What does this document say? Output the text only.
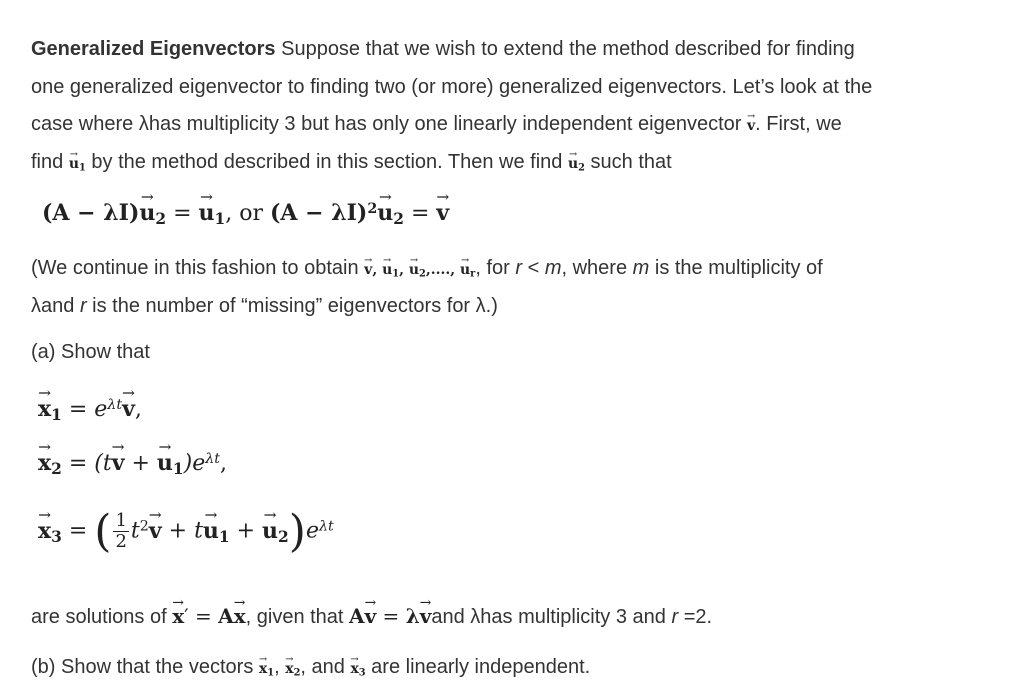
Generalized Eigenvectors Suppose that we wish to extend the method described for finding
one generalized eigenvector to finding two (or more) generalized eigenvectors. Let’s look at the
case where λhas multiplicity 3 but has only one linearly independent eigenvector → v. First, we
find → $u_1$ by the method described in this section. Then we find → $u_2$ such that
$(A - \lambda I)\to u_2$ = → $u_1$, or $(A - \lambda I)^2\to u_2$ = → v
(We continue in this fashion to obtain → v, → $u_1$, → $u_2$,...., → $u_r$, for r < m, where m is the multiplicity of
λand r is the number of “missing” eigenvectors for λ.)
(a) Show that
→ $x_1 = e^{\lambda t}\to v$,
→ $x_2 = (t\to v$ + → $u_1)e^{\lambda t}$,
→ $x_3$ = ( $\frac{1}{2} t^2\to v + t\to u_1$ + → $u_2)e^{\lambda t}$
are solutions of → x′ = A→ x, given that A→ v = λ→ vand λhas multiplicity 3 and r =2.
(b) Show that the vectors → $x_1$, → $x_2$, and → $x_3$ are linearly independent.
